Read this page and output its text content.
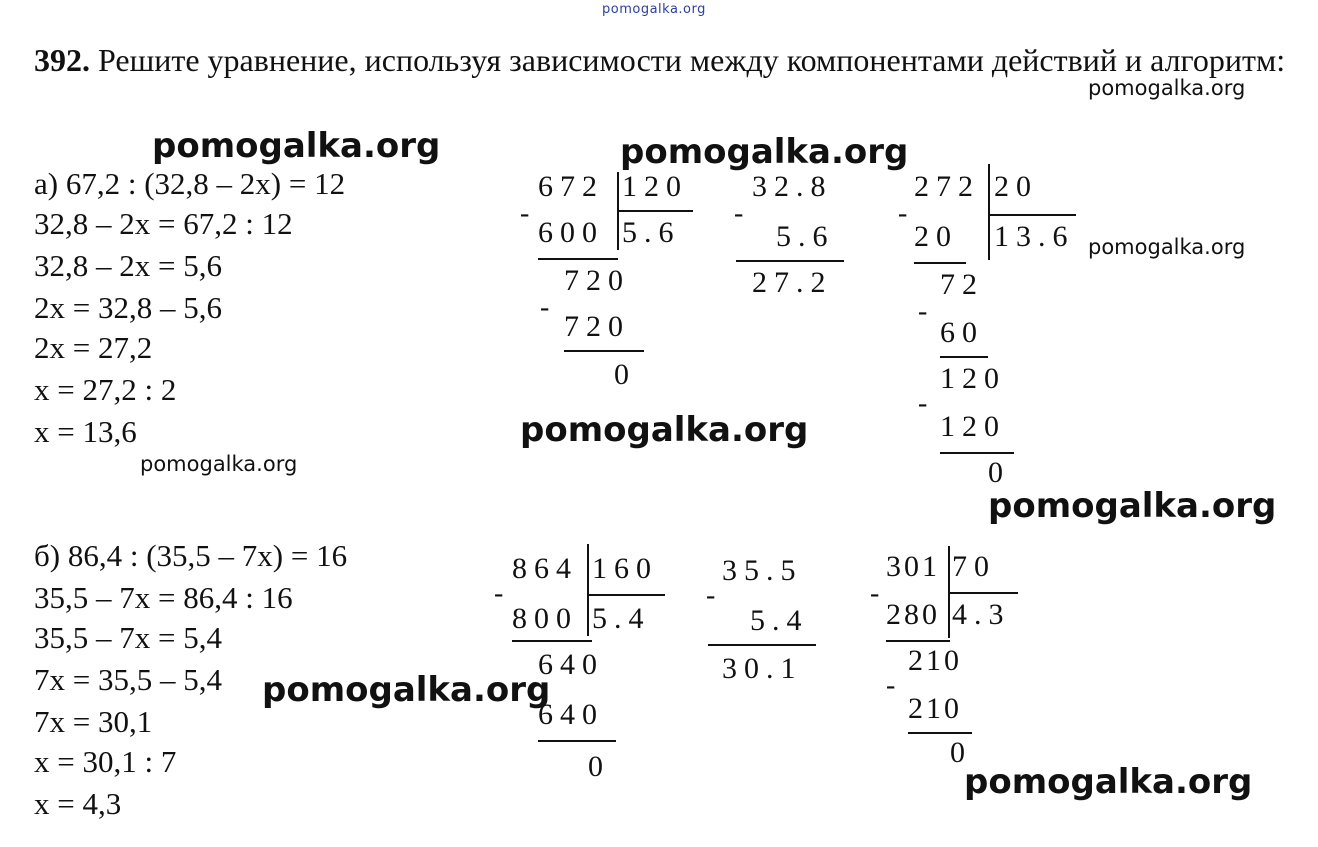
pomogalka.org
392. Решите уравнение, используя зависимости между компонентами действий и алгоритм:
pomogalka.org
pomogalka.org	pomogalka.org
pomogalka.org
pomogalka.org
pomogalka.org
pomogalka.org
pomogalka.org
pomogalka.org
а) 67,2 : (32,8 – 2x) = 12
32,8 – 2x = 67,2 : 12
32,8 – 2x = 5,6
2x = 32,8 – 5,6
2x = 27,2
x = 27,2 : 2
x = 13,6
672 120
-
600 5.6
720
-
720
0
-
32.8
5.6
27.2
272 20
-
20 13.6
72
-
60
120
-
120
0
б) 86,4 : (35,5 – 7x) = 16
35,5 – 7x = 86,4 : 16
35,5 – 7x = 5,4
7x = 35,5 – 5,4
7x = 30,1
x = 30,1 : 7
x = 4,3
864 160
-
800 5.4
640
640
0
-
35.5
5.4
30.1
301 70
-
280 4.3
210
-
210
0
